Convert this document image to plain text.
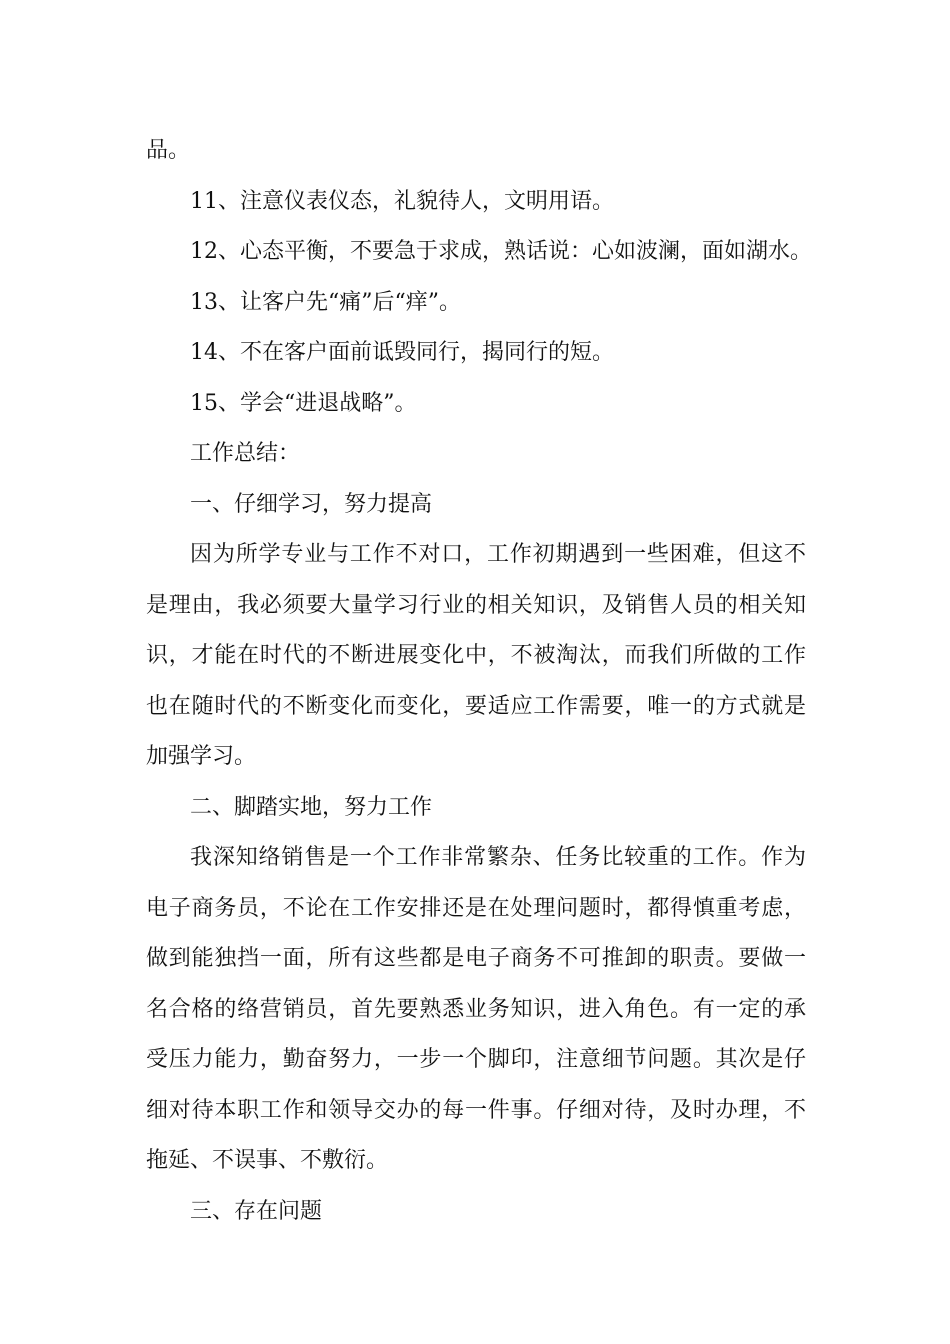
品。

11、注意仪表仪态，礼貌待人，文明用语。

12、心态平衡，不要急于求成，熟话说：心如波澜，面如湖水。

13、让客户先“痛”后“痒”。

14、不在客户面前诋毁同行，揭同行的短。

15、学会“进退战略”。

工作总结：

一、仔细学习，努力提高

因为所学专业与工作不对口，工作初期遇到一些困难，但这不

是理由，我必须要大量学习行业的相关知识，及销售人员的相关知

识，才能在时代的不断进展变化中，不被淘汰，而我们所做的工作

也在随时代的不断变化而变化，要适应工作需要，唯一的方式就是

加强学习。

二、脚踏实地，努力工作

我深知络销售是一个工作非常繁杂、任务比较重的工作。作为

电子商务员，不论在工作安排还是在处理问题时，都得慎重考虑，

做到能独挡一面，所有这些都是电子商务不可推卸的职责。要做一

名合格的络营销员，首先要熟悉业务知识，进入角色。有一定的承

受压力能力，勤奋努力，一步一个脚印，注意细节问题。其次是仔

细对待本职工作和领导交办的每一件事。仔细对待，及时办理，不

拖延、不误事、不敷衍。

三、存在问题
